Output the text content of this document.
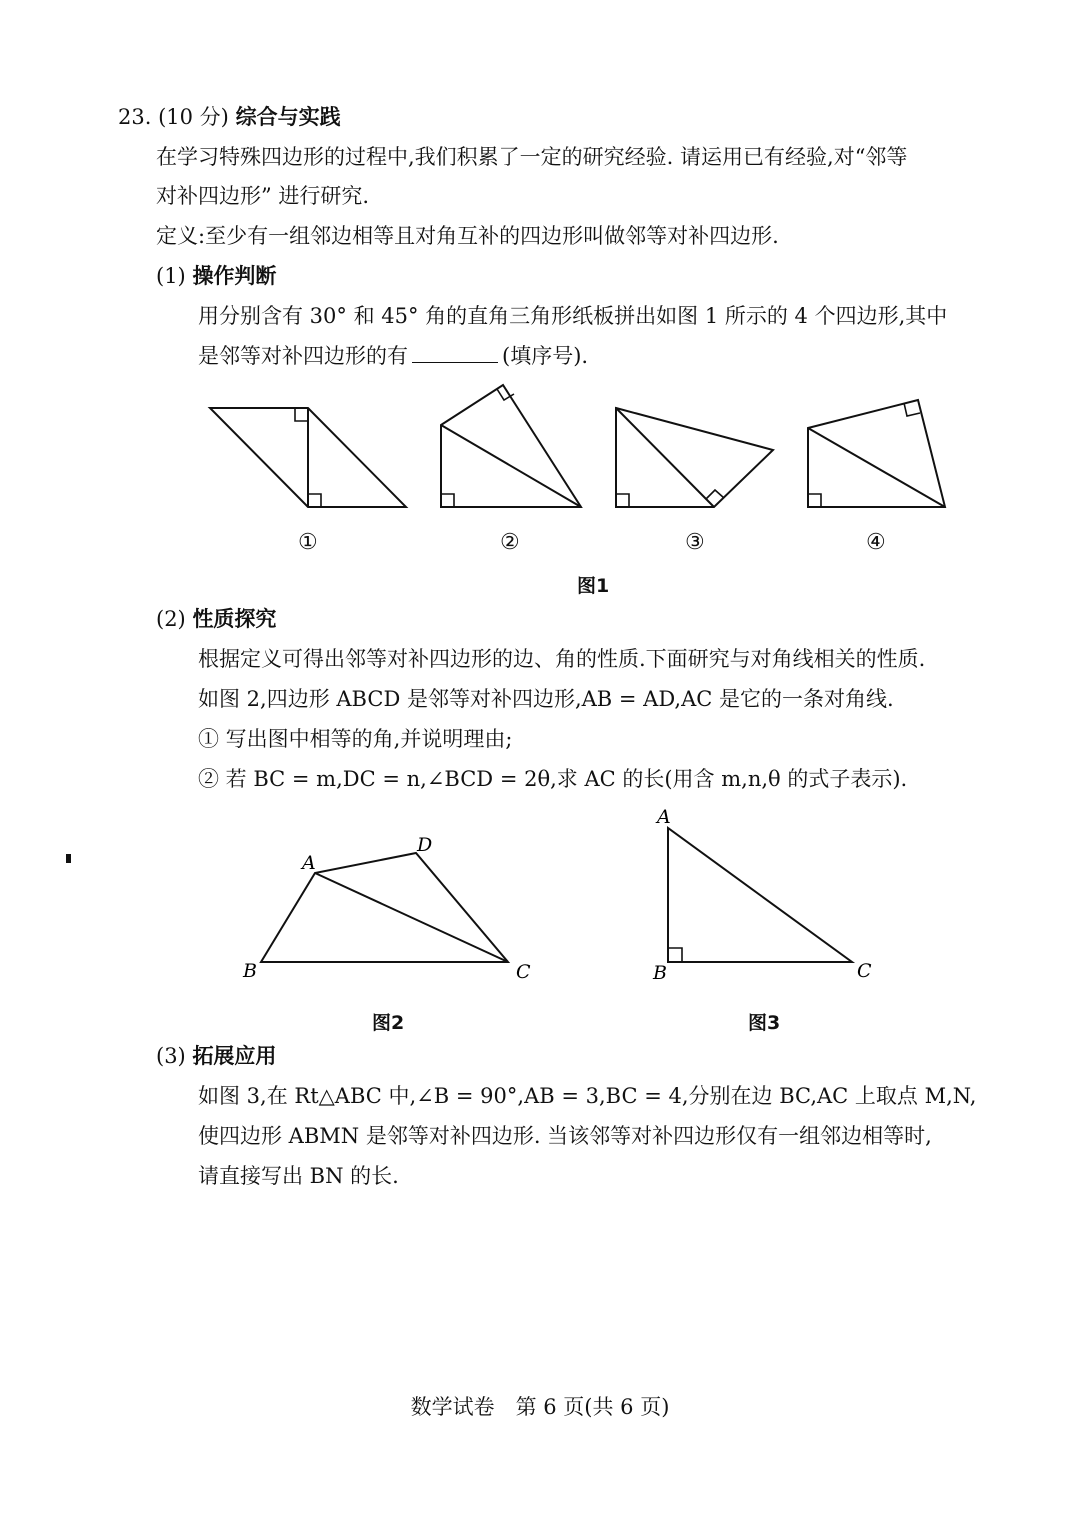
23. (10 分) 综合与实践
在学习特殊四边形的过程中,我们积累了一定的研究经验. 请运用已有经验,对“邻等
对补四边形” 进行研究.
定义:至少有一组邻边相等且对角互补的四边形叫做邻等对补四边形.
(1) 操作判断
用分别含有 30° 和 45° 角的直角三角形纸板拼出如图 1 所示的 4 个四边形,其中
是邻等对补四边形的有	(填序号).
①	②	③	④
图1
(2) 性质探究
根据定义可得出邻等对补四边形的边、角的性质.下面研究与对角线相关的性质.
如图 2,四边形 ABCD 是邻等对补四边形,AB = AD,AC 是它的一条对角线.
① 写出图中相等的角,并说明理由;
② 若 BC = m,DC = n,∠BCD = 2θ,求 AC 的长(用含 m,n,θ 的式子表示).
A
B	C
D
A
B	C
图2	图3
(3) 拓展应用
如图 3,在 Rt△ABC 中,∠B = 90°,AB = 3,BC = 4,分别在边 BC,AC 上取点 M,N,
使四边形 ABMN 是邻等对补四边形. 当该邻等对补四边形仅有一组邻边相等时,
请直接写出 BN 的长.
数学试卷　第 6 页(共 6 页)
